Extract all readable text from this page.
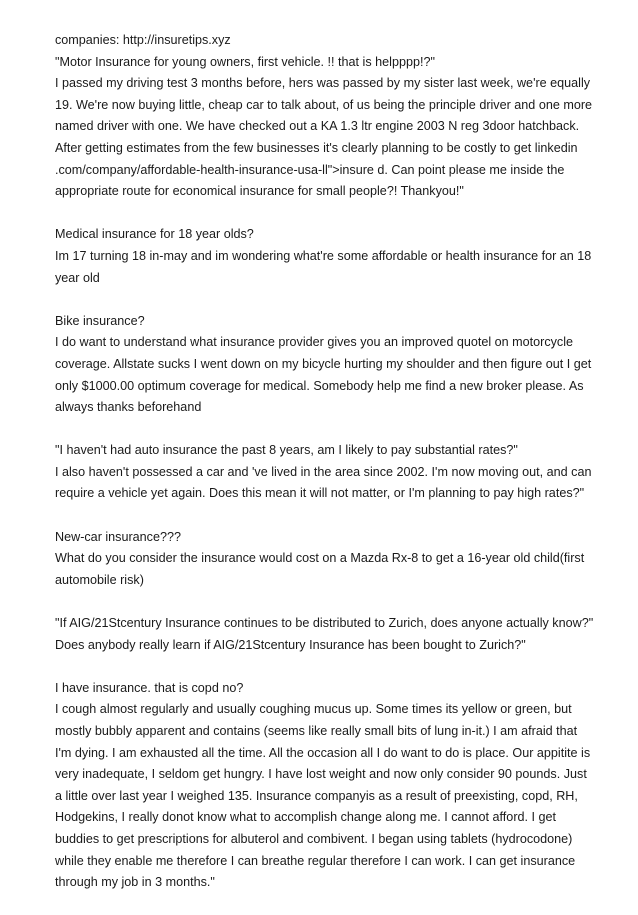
companies: http://insuretips.xyz
"Motor Insurance for young owners, first vehicle. !! that is helpppp!?"
I passed my driving test 3 months before, hers was passed by my sister last week, we're equally 19. We're now buying little, cheap car to talk about, of us being the principle driver and one more named driver with one. We have checked out a KA 1.3 ltr engine 2003 N reg 3door hatchback. After getting estimates from the few businesses it's clearly planning to be costly to get linkedin .com/company/affordable-health-insurance-usa-ll">insure d. Can point please me inside the appropriate route for economical insurance for small people?! Thankyou!"
Medical insurance for 18 year olds?
Im 17 turning 18 in-may and im wondering what're some affordable or health insurance for an 18 year old
Bike insurance?
I do want to understand what insurance provider gives you an improved quotel on motorcycle coverage. Allstate sucks I went down on my bicycle hurting my shoulder and then figure out I get only $1000.00 optimum coverage for medical. Somebody help me find a new broker please. As always thanks beforehand
"I haven't had auto insurance the past 8 years, am I likely to pay substantial rates?"
I also haven't possessed a car and 've lived in the area since 2002. I'm now moving out, and can require a vehicle yet again. Does this mean it will not matter, or I'm planning to pay high rates?"
New-car insurance???
What do you consider the insurance would cost on a Mazda Rx-8 to get a 16-year old child(first automobile risk)
"If AIG/21Stcentury Insurance continues to be distributed to Zurich, does anyone actually know?"
Does anybody really learn if AIG/21Stcentury Insurance has been bought to Zurich?"
I have insurance. that is copd no?
I cough almost regularly and usually coughing mucus up. Some times its yellow or green, but mostly bubbly apparent and contains (seems like really small bits of lung in-it.) I am afraid that I'm dying. I am exhausted all the time. All the occasion all I do want to do is place. Our appitite is very inadequate, I seldom get hungry. I have lost weight and now only consider 90 pounds. Just a little over last year I weighed 135. Insurance companyis as a result of preexisting, copd, RH, Hodgekins, I really donot know what to accomplish change along me. I cannot afford. I get buddies to get prescriptions for albuterol and combivent. I began using tablets (hydrocodone) while they enable me therefore I can breathe regular therefore I can work. I can get insurance through my job in 3 months."
